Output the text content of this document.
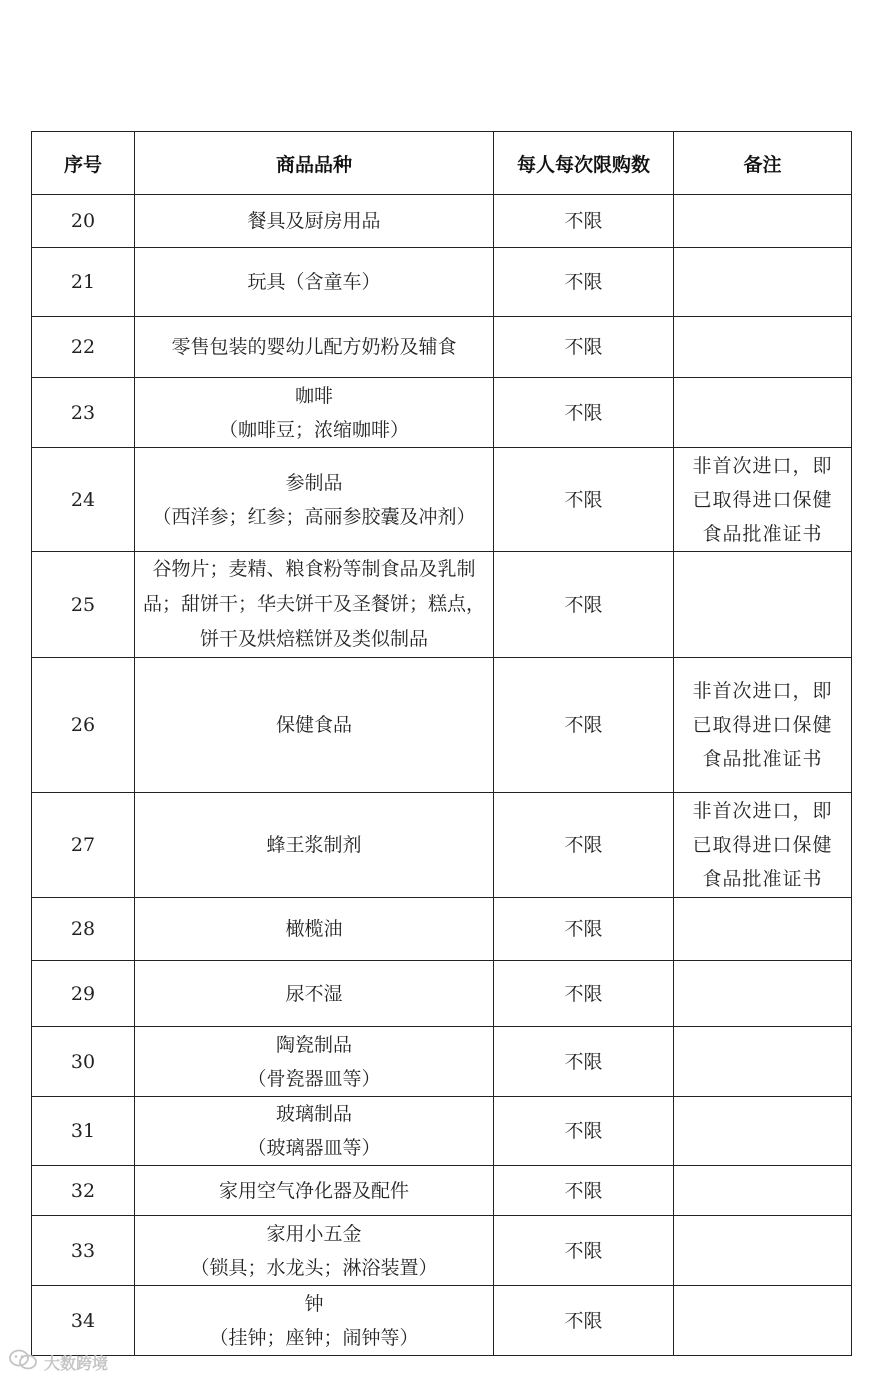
序号	商品品种	每人每次限购数	备注
20	餐具及厨房用品	不限	
21	玩具（含童车）	不限	
22	零售包装的婴幼儿配方奶粉及辅食	不限	
23	咖啡
（咖啡豆；浓缩咖啡）	不限	
24	参制品
（西洋参；红参；高丽参胶囊及冲剂）	不限	非首次进口，即
已取得进口保健
食品批准证书

25	谷物片；麦精、粮食粉等制食品及乳制品；甜饼干；华夫饼干及圣餐饼；糕点，饼干及烘焙糕饼及类似制品	不限	
26	保健食品	不限	非首次进口，即
已取得进口保健
食品批准证书

27	蜂王浆制剂	不限	非首次进口，即
已取得进口保健
食品批准证书

28	橄榄油	不限	
29	尿不湿	不限	
30	陶瓷制品
（骨瓷器皿等）	不限	
31	玻璃制品
（玻璃器皿等）	不限	
32	家用空气净化器及配件	不限	
33	家用小五金
（锁具；水龙头；淋浴装置）	不限	
34	钟
（挂钟；座钟；闹钟等）	不限	
大数跨境
